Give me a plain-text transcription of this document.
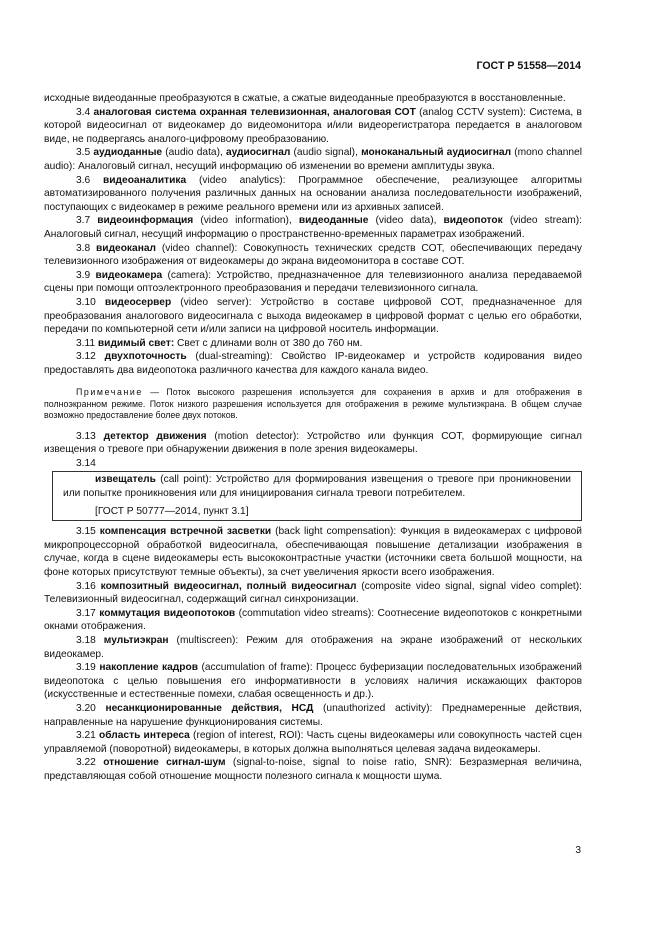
ГОСТ Р 51558—2014

исходные видеоданные преобразуются в сжатые, а сжатые видеоданные преобразуются в восстановленные.

3.4 аналоговая система охранная телевизионная, аналоговая СОТ (analog CCTV system): Система, в которой видеосигнал от видеокамер до видеомонитора и/или видеорегистратора передается в аналоговом виде, не подвергаясь аналого-цифровому преобразованию.

3.5 аудиоданные (audio data), аудиосигнал (audio signal), моноканальный аудиосигнал (mono channel audio): Аналоговый сигнал, несущий информацию об изменении во времени амплитуды звука.

3.6 видеоаналитика (video analytics): Программное обеспечение, реализующее алгоритмы автоматизированного получения различных данных на основании анализа последовательности изображений, поступающих с видеокамер в режиме реального времени или из архивных записей.

3.7 видеоинформация (video information), видеоданные (video data), видеопоток (video stream): Аналоговый сигнал, несущий информацию о пространственно-временных параметрах изображений.

3.8 видеоканал (video channel): Совокупность технических средств СОТ, обеспечивающих передачу телевизионного изображения от видеокамеры до экрана видеомонитора в составе СОТ.

3.9 видеокамера (camera): Устройство, предназначенное для телевизионного анализа передаваемой сцены при помощи оптоэлектронного преобразования и передачи телевизионного сигнала.

3.10 видеосервер (video server): Устройство в составе цифровой СОТ, предназначенное для преобразования аналогового видеосигнала с выхода видеокамер в цифровой формат с целью его обработки, передачи по компьютерной сети и/или записи на цифровой носитель информации.

3.11 видимый свет: Свет с длинами волн от 380 до 760 нм.

3.12 двухпоточность (dual-streaming): Свойство IP-видеокамер и устройств кодирования видео предоставлять два видеопотока различного качества для каждого канала видео.

Примечание — Поток высокого разрешения используется для сохранения в архив и для отображения в полноэкранном режиме. Поток низкого разрешения используется для отображения в режиме мультиэкрана. В общем случае возможно предоставление более двух потоков.

3.13 детектор движения (motion detector): Устройство или функция СОТ, формирующие сигнал извещения о тревоге при обнаружении движения в поле зрения видеокамеры.

3.14

извещатель (call point): Устройство для формирования извещения о тревоге при проникновении или попытке проникновения или для инициирования сигнала тревоги потребителем.

[ГОСТ Р 50777—2014, пункт 3.1]

3.15 компенсация встречной засветки (back light compensation): Функция в видеокамерах с цифровой микропроцессорной обработкой видеосигнала, обеспечивающая повышение детализации изображения в случае, когда в сцене видеокамеры есть высококонтрастные участки (источники света большой мощности, на фоне которых присутствуют темные объекты), за счет увеличения яркости всего изображения.

3.16 композитный видеосигнал, полный видеосигнал (composite video signal, signal video complet): Телевизионный видеосигнал, содержащий сигнал синхронизации.

3.17 коммутация видеопотоков (commutation video streams): Соотнесение видеопотоков с конкретными окнами отображения.

3.18 мультиэкран (multiscreen): Режим для отображения на экране изображений от нескольких видеокамер.

3.19 накопление кадров (accumulation of frame): Процесс буферизации последовательных изображений видеопотока с целью повышения его информативности в условиях наличия искажающих факторов (искусственные и естественные помехи, слабая освещенность и др.).

3.20 несанкционированные действия, НСД (unauthorized activity): Преднамеренные действия, направленные на нарушение функционирования системы.

3.21 область интереса (region of interest, ROI): Часть сцены видеокамеры или совокупность частей сцен управляемой (поворотной) видеокамеры, в которых должна выполняться целевая задача видеокамеры.

3.22 отношение сигнал-шум (signal-to-noise, signal to noise ratio, SNR): Безразмерная величина, представляющая собой отношение мощности полезного сигнала к мощности шума.

3
